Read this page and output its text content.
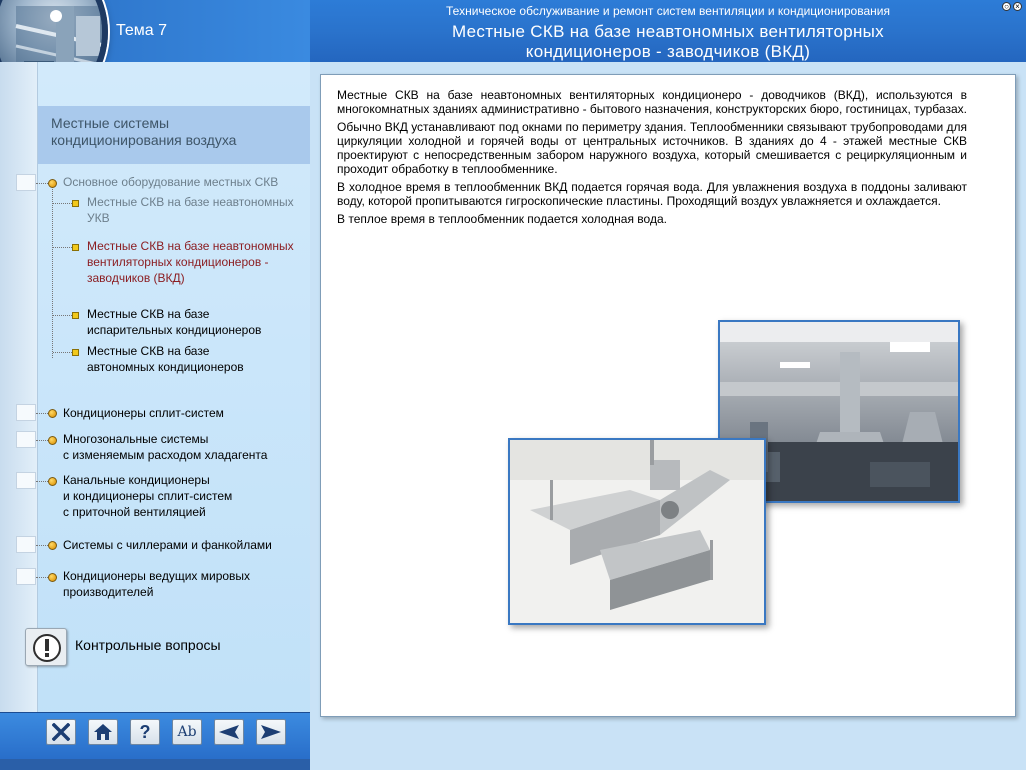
Техническое обслуживание и ремонт систем вентиляции и кондиционирования
Местные СКВ на базе неавтономных вентиляторных
кондиционеров - заводчиков (ВКД)
Тема 7
○ ×
Местные системы
кондиционирования воздуха
Основное оборудование местных СКВ
Местные СКВ на базе неавтономных
УКВ
Местные СКВ на базе неавтономных
вентиляторных кондиционеров -
заводчиков (ВКД)
Местные СКВ на базе
испарительных кондиционеров
Местные СКВ на базе
автономных кондиционеров
Кондиционеры сплит-систем
Многозональные системы
с изменяемым расходом хладагента
Канальные кондиционеры
и кондиционеры сплит-систем
с приточной вентиляцией
Системы с чиллерами и фанкойлами
Кондиционеры ведущих мировых
производителей
Контрольные вопросы
? Ab

Местные СКВ на базе неавтономных вентиляторных кондиционеро - доводчиков (ВКД), используются в многокомнатных зданиях административно - бытового назначения, конструкторских бюро, гостиницах, турбазах.

Обычно ВКД устанавливают под окнами по периметру здания. Теплообменники связывают трубопроводами для циркуляции холодной и горячей воды от центральных источников. В зданиях до 4 - этажей местные СКВ проектируют с непосредственным забором наружного воздуха, который смешивается с рециркуляционным и проходит обработку в теплообменнике.

В холодное время в теплообменник ВКД подается горячая вода. Для увлажнения воздуха в поддоны заливают воду, которой пропитываются гигроскопические пластины. Проходящий воздух увлажняется и охлаждается.

В теплое время в теплообменник подается холодная вода.
